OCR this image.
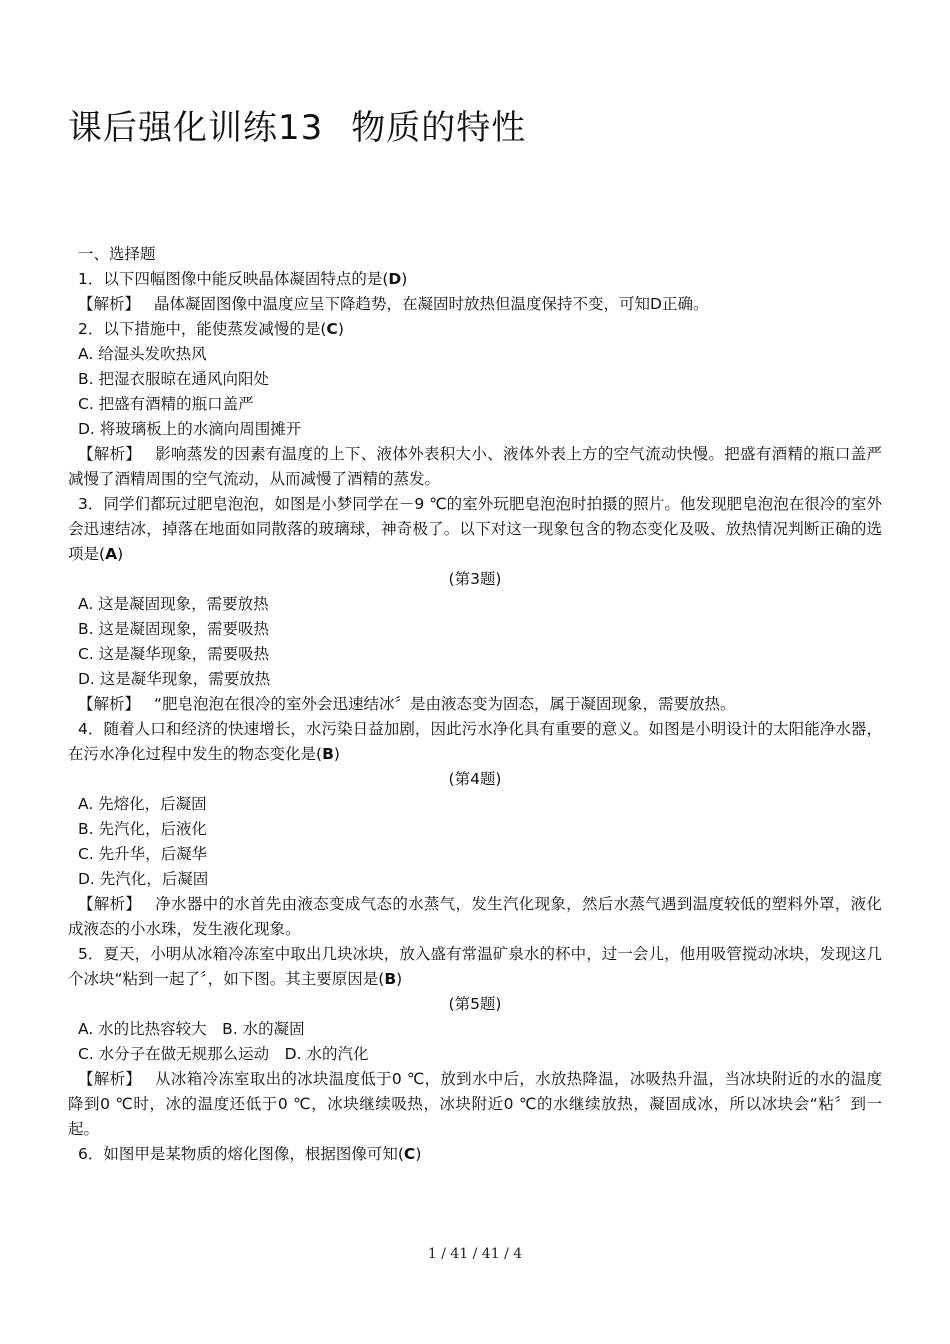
课后强化训练13 物质的特性
一、选择题
1．以下四幅图像中能反映晶体凝固特点的是(D)
【解析】 晶体凝固图像中温度应呈下降趋势，在凝固时放热但温度保持不变，可知D正确。
2．以下措施中，能使蒸发减慢的是(C)
A. 给湿头发吹热风
B. 把湿衣服晾在通风向阳处
C. 把盛有酒精的瓶口盖严
D. 将玻璃板上的水滴向周围摊开
【解析】 影响蒸发的因素有温度的上下、液体外表积大小、液体外表上方的空气流动快慢。把盛有酒精的瓶口盖严减慢了酒精周围的空气流动，从而减慢了酒精的蒸发。
3．同学们都玩过肥皂泡泡，如图是小梦同学在－9 ℃的室外玩肥皂泡泡时拍摄的照片。他发现肥皂泡泡在很冷的室外会迅速结冰，掉落在地面如同散落的玻璃球，神奇极了。以下对这一现象包含的物态变化及吸、放热情况判断正确的选项是(A)
(第3题)
A. 这是凝固现象，需要放热
B. 这是凝固现象，需要吸热
C. 这是凝华现象，需要吸热
D. 这是凝华现象，需要放热
【解析】 “肥皂泡泡在很冷的室外会迅速结冰〞是由液态变为固态，属于凝固现象，需要放热。
4．随着人口和经济的快速增长，水污染日益加剧，因此污水净化具有重要的意义。如图是小明设计的太阳能净水器，在污水净化过程中发生的物态变化是(B)
(第4题)
A. 先熔化，后凝固
B. 先汽化，后液化
C. 先升华，后凝华
D. 先汽化，后凝固
【解析】 净水器中的水首先由液态变成气态的水蒸气，发生汽化现象，然后水蒸气遇到温度较低的塑料外罩，液化成液态的小水珠，发生液化现象。
5．夏天，小明从冰箱冷冻室中取出几块冰块，放入盛有常温矿泉水的杯中，过一会儿，他用吸管搅动冰块，发现这几个冰块“粘到一起了〞，如下图。其主要原因是(B)
(第5题)
A. 水的比热容较大　B. 水的凝固
C. 水分子在做无规那么运动　D. 水的汽化
【解析】 从冰箱冷冻室取出的冰块温度低于0 ℃，放到水中后，水放热降温，冰吸热升温，当冰块附近的水的温度降到0 ℃时，冰的温度还低于0 ℃，冰块继续吸热，冰块附近0 ℃的水继续放热，凝固成冰，所以冰块会“粘〞到一起。
6．如图甲是某物质的熔化图像，根据图像可知(C)
1 / 41 / 41 / 4
